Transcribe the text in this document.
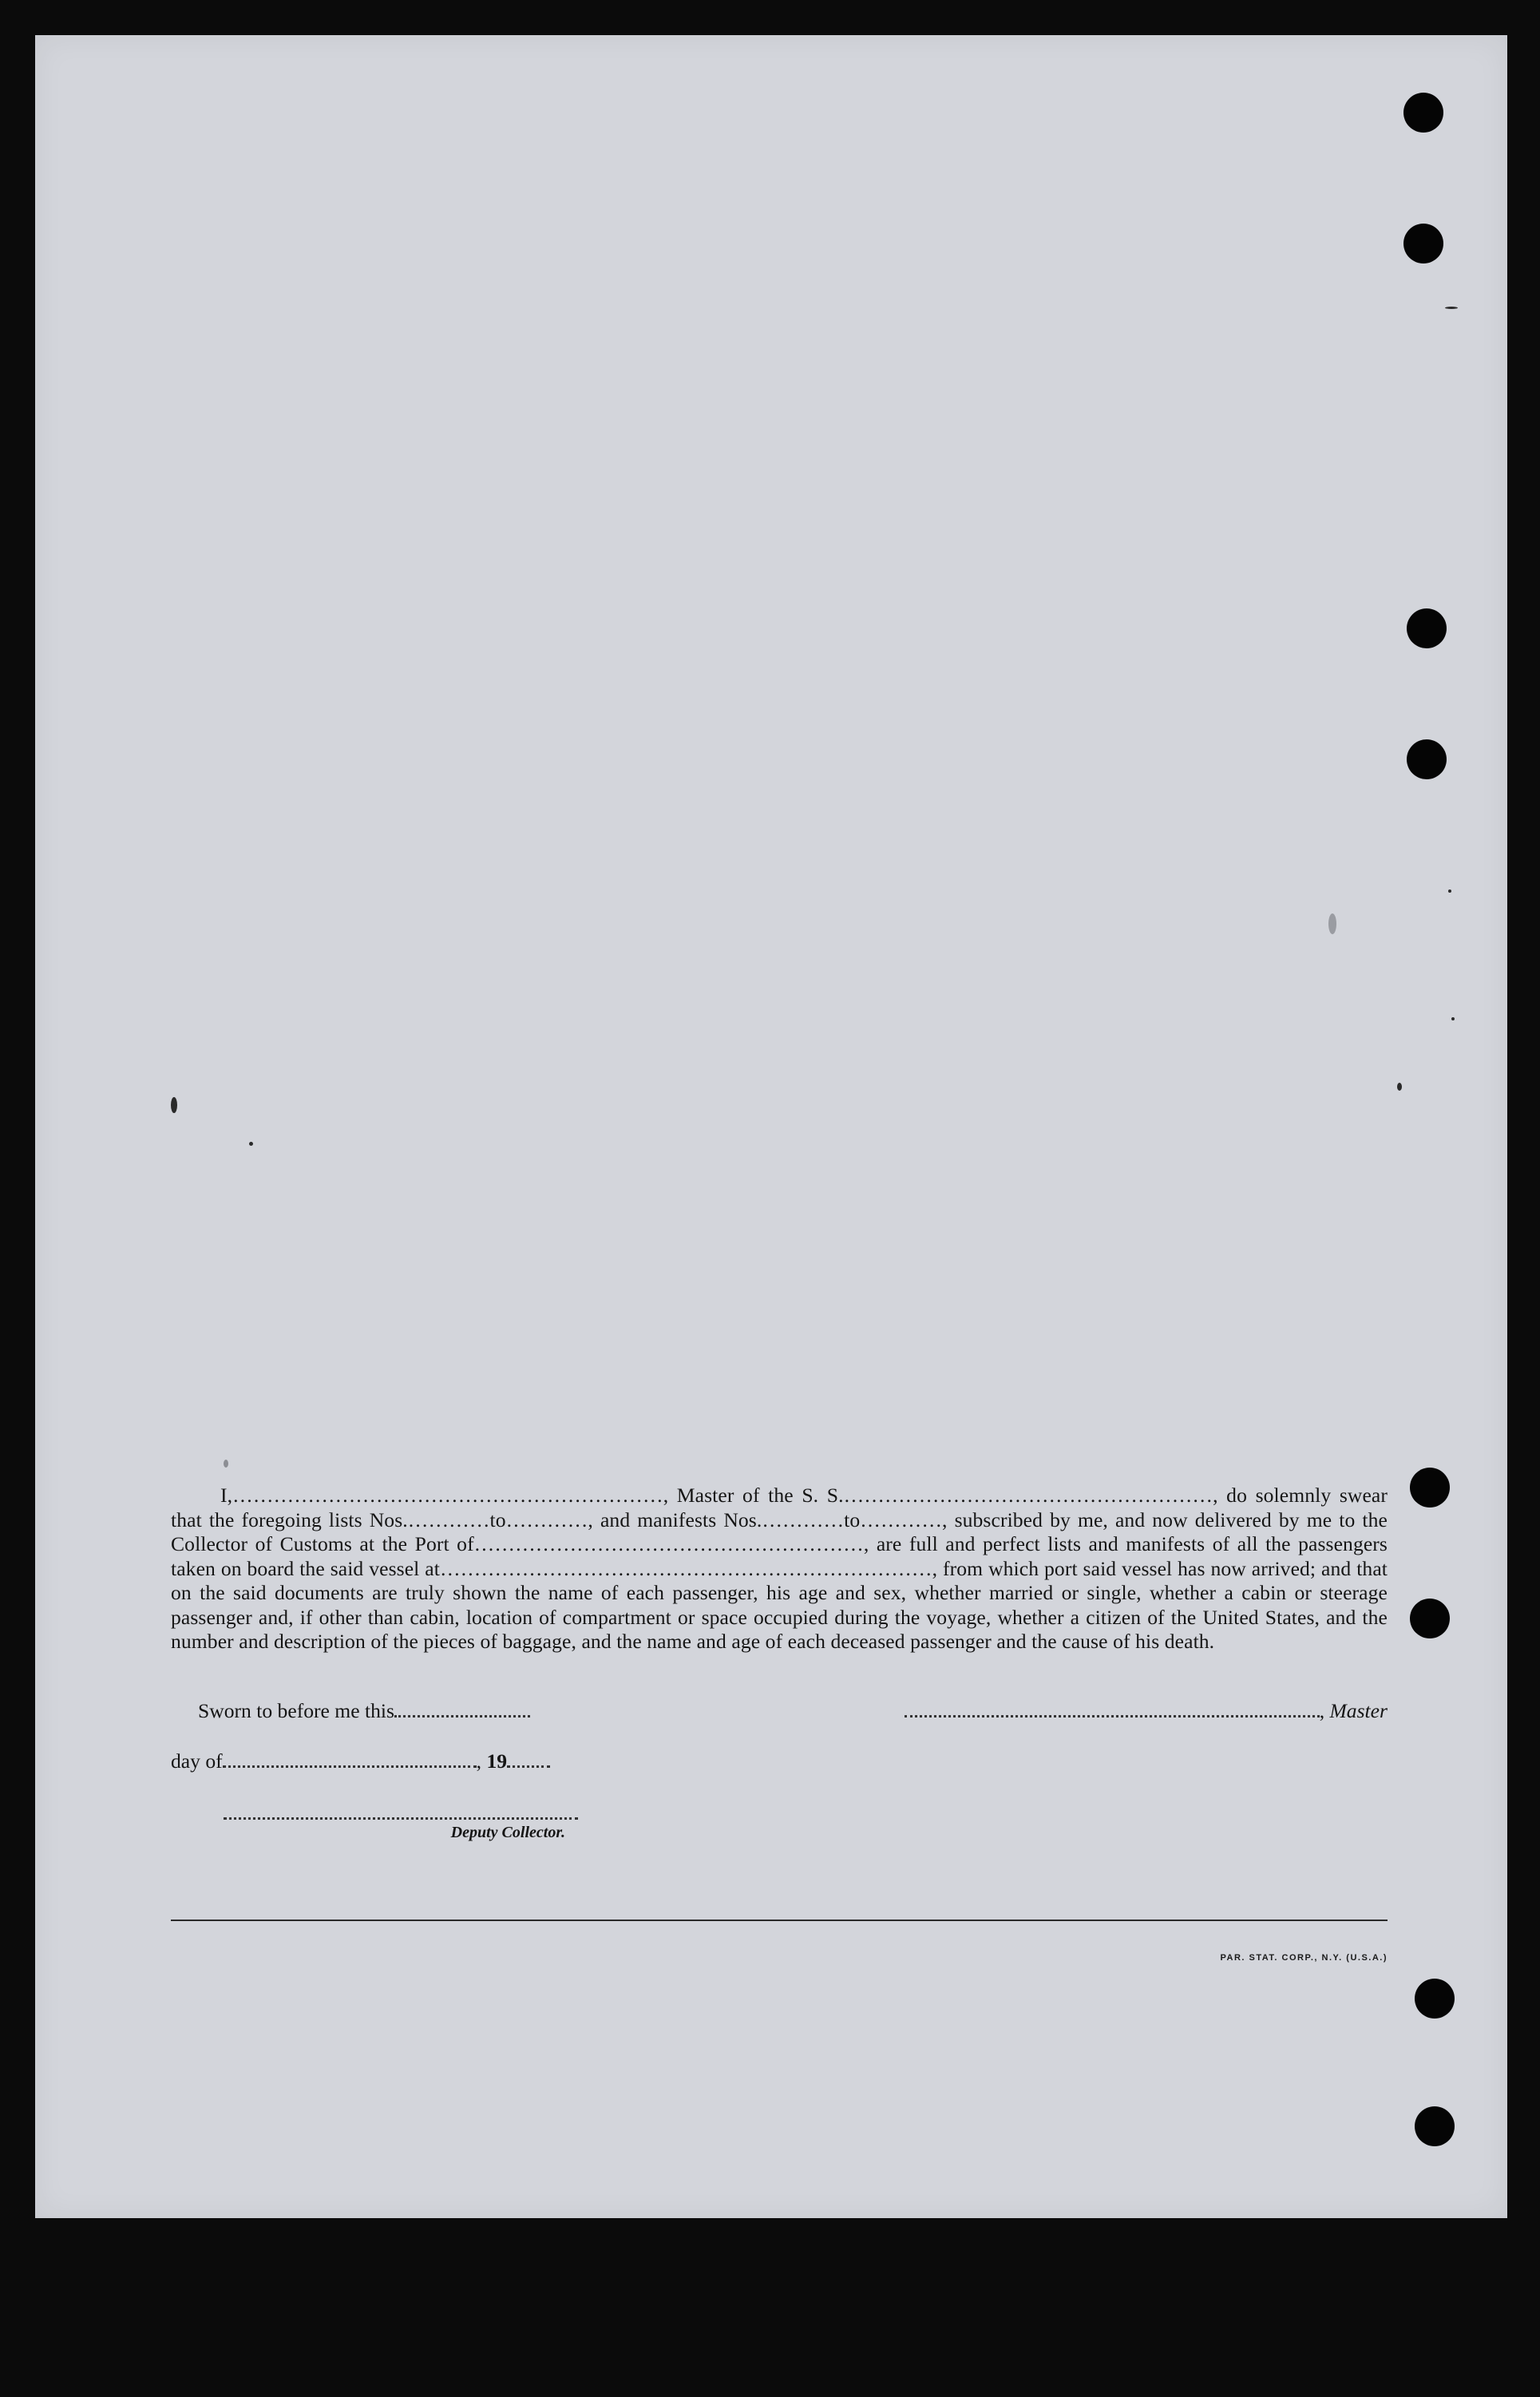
I,………………………………………………………, Master of the S. S.………………………………………………, do solemnly swear that the foregoing lists Nos.…………to…………, and manifests Nos.…………to…………, subscribed by me, and now delivered by me to the Collector of Customs at the Port of…………………………………………………, are full and perfect lists and manifests of all the passengers taken on board the said vessel at………………………………………………………………, from which port said vessel has now arrived; and that on the said documents are truly shown the name of each passenger, his age and sex, whether married or single, whether a cabin or steerage passenger and, if other than cabin, location of compartment or space occupied during the voyage, whether a citizen of the United States, and the number and description of the pieces of baggage, and the name and age of each deceased passenger and the cause of his death.
Sworn to before me this
day of	, 19
Deputy Collector.
, Master
PAR. STAT. CORP., N.Y. (U.S.A.)
